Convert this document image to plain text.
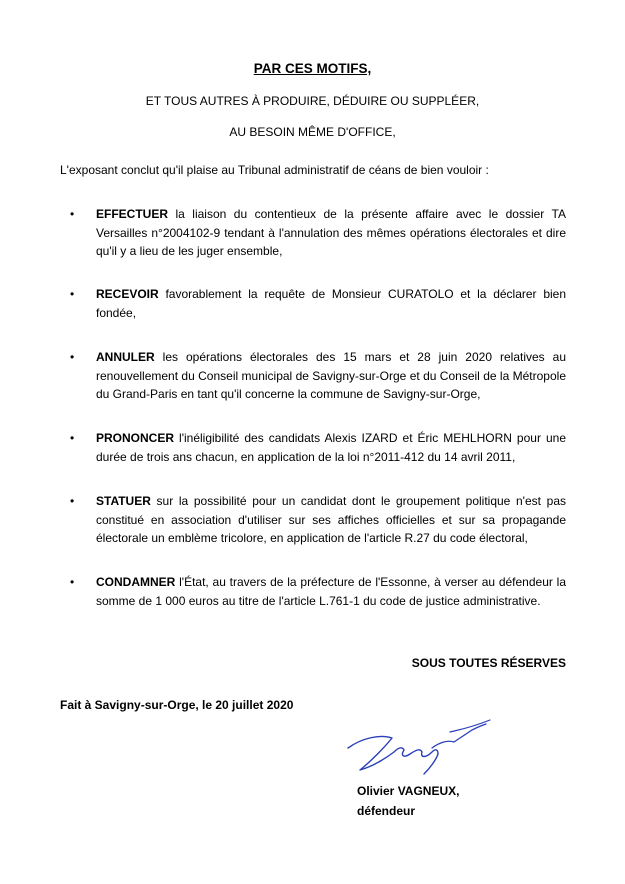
PAR CES MOTIFS,
ET TOUS AUTRES À PRODUIRE, DÉDUIRE OU SUPPLÉER,
AU BESOIN MÊME D'OFFICE,
L'exposant conclut qu'il plaise au Tribunal administratif de céans de bien vouloir :
• EFFECTUER la liaison du contentieux de la présente affaire avec le dossier TA Versailles n°2004102-9 tendant à l'annulation des mêmes opérations électorales et dire qu'il y a lieu de les juger ensemble,
• RECEVOIR favorablement la requête de Monsieur CURATOLO et la déclarer bien fondée,
• ANNULER les opérations électorales des 15 mars et 28 juin 2020 relatives au renouvellement du Conseil municipal de Savigny-sur-Orge et du Conseil de la Métropole du Grand-Paris en tant qu'il concerne la commune de Savigny-sur-Orge,
• PRONONCER l'inéligibilité des candidats Alexis IZARD et Éric MEHLHORN pour une durée de trois ans chacun, en application de la loi n°2011-412 du 14 avril 2011,
• STATUER sur la possibilité pour un candidat dont le groupement politique n'est pas constitué en association d'utiliser sur ses affiches officielles et sur sa propagande électorale un emblème tricolore, en application de l'article R.27 du code électoral,
• CONDAMNER l'État, au travers de la préfecture de l'Essonne, à verser au défendeur la somme de 1 000 euros au titre de l'article L.761-1 du code de justice administrative.
SOUS TOUTES RÉSERVES
Fait à Savigny-sur-Orge, le 20 juillet 2020
Olivier VAGNEUX,
défendeur
